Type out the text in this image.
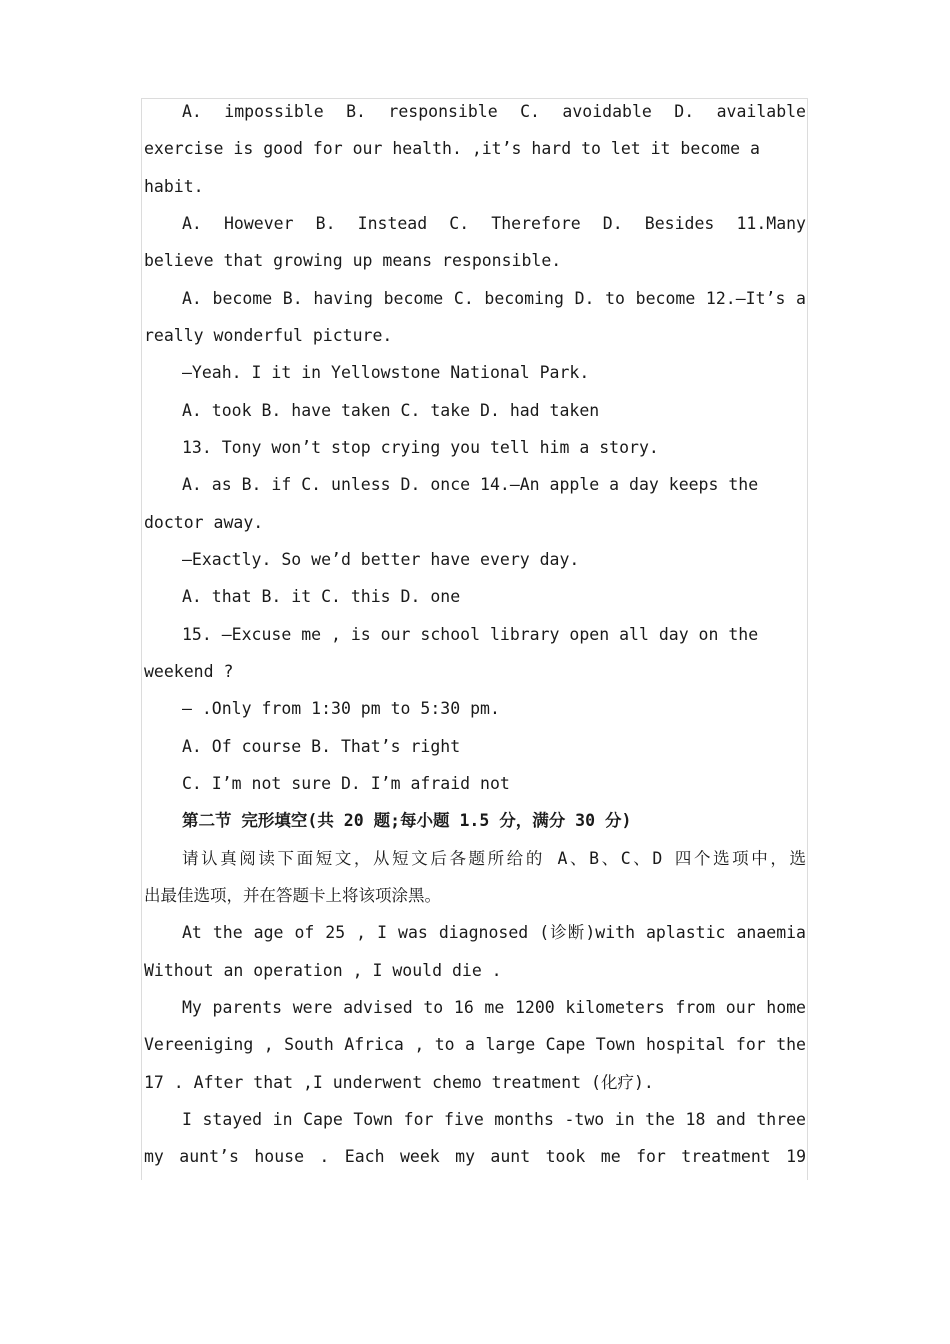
A. impossible B. responsible C. avoidable D. available
exercise is good for our health. ,it’s hard to let it become a
habit.
A. However B. Instead C. Therefore D. Besides 11.Many
believe that growing up means responsible.
A. become B. having become C. becoming D. to become 12.—It’s a
really wonderful picture.
—Yeah. I it in Yellowstone National Park.
A. took B. have taken C. take D. had taken
13. Tony won’t stop crying you tell him a story.
A. as B. if C. unless D. once 14.—An apple a day keeps the
doctor away.
—Exactly. So we’d better have every day.
A. that B. it C. this D. one
15. —Excuse me , is our school library open all day on the
weekend ?
— .Only from 1:30 pm to 5:30 pm.
A. Of course B. That’s right
C. I’m not sure D. I’m afraid not
第二节 完形填空(共 20 题;每小题 1.5 分，满分 30 分)
请认真阅读下面短文，从短文后各题所给的 A、B、C、D 四个选项中，选
出最佳选项，并在答题卡上将该项涂黑。
At the age of 25 , I was diagnosed (诊断)with aplastic anaemia
Without an operation , I would die .
My parents were advised to 16 me 1200 kilometers from our home
Vereeniging , South Africa , to a large Cape Town hospital for the
17 . After that ,I underwent chemo treatment (化疗).
I stayed in Cape Town for five months -two in the 18 and three
my aunt’s house . Each week my aunt took me for treatment 19
